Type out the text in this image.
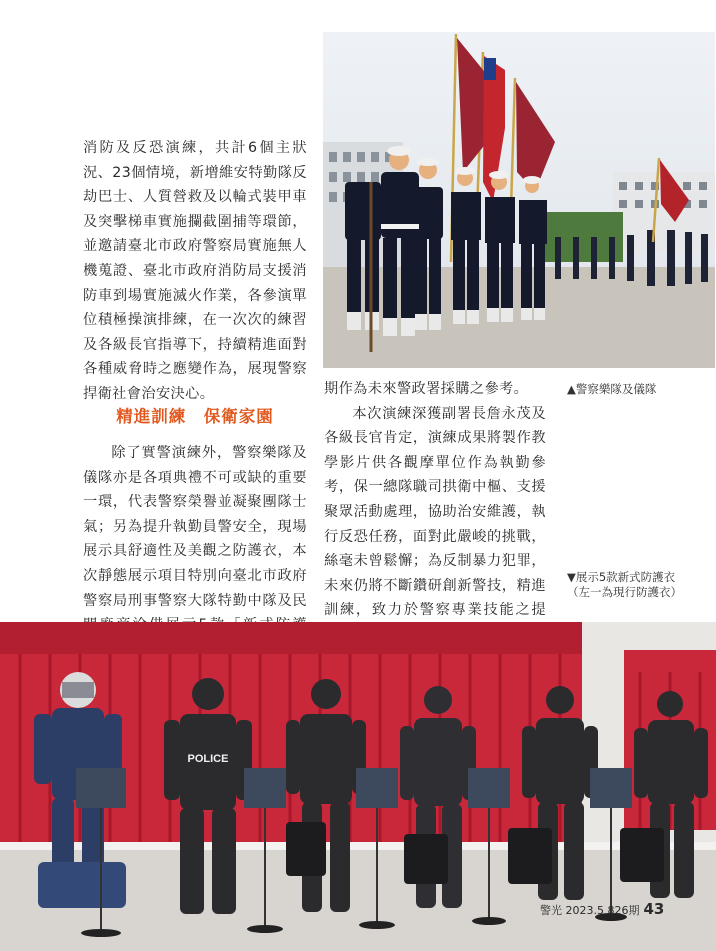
消防及反恐演練，共計6個主狀況、23個情境，新增維安特勤隊反劫巴士、人質營救及以輪式裝甲車及突擊梯車實施攔截圍捕等環節，並邀請臺北市政府警察局實施無人機蒐證、臺北市政府消防局支援消防車到場實施滅火作業，各參演單位積極操演排練，在一次次的練習及各級長官指導下，持續精進面對各種威脅時之應變作為，展現警察捍衛社會治安決心。

精進訓練　保衛家園

除了實警演練外，警察樂隊及儀隊亦是各項典禮不可或缺的重要一環，代表警察榮譽並凝聚團隊士氣；另為提升執勤員警安全，現場展示具舒適性及美觀之防護衣，本次靜態展示項目特別向臺北市政府警察局刑事警察大隊特勤中隊及民

期作為未來警政署採購之參考。

本次演練深獲副署長詹永茂及各級長官肯定，演練成果將製作教學影片供各觀摩單位作為執勤參考，保一總隊職司拱衛中樞、支援聚眾活動處理，協助治安維護，執行反恐任務，面對此嚴峻的挑戰，絲毫未曾鬆懈；為反制暴力犯罪，未來仍將不斷鑽研創新警技，精進訓練，致力於警察專業技能之提

▲警察樂隊及儀隊
▼展示5款新式防護衣（左一為現行防護衣）
POLICE
警光 2023.5 826期 43
